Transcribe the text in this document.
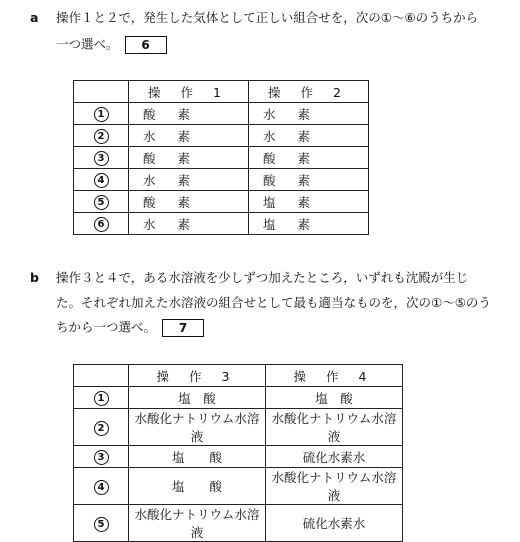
a 操作１と２で，発生した気体として正しい組合せを，次の①～⑥のうちから
一つ選べ。 6
	操 作 1	操 作 2
1	酸素	水素
2	水素	水素
3	酸素	酸素
4	水素	酸素
5	酸素	塩素
6	水素	塩素
b 操作３と４で，ある水溶液を少しずつ加えたところ，いずれも沈殿が生じ
た。それぞれ加えた水溶液の組合せとして最も適当なものを，次の①～⑤のう
ちから一つ選べ。 7
	操 作 3	操 作 4
1	塩　酸	塩　酸
2	水酸化ナトリウム水溶液	水酸化ナトリウム水溶液
3	塩　　酸	硫化水素水
4	塩　　酸	水酸化ナトリウム水溶液
5	水酸化ナトリウム水溶液	硫化水素水
